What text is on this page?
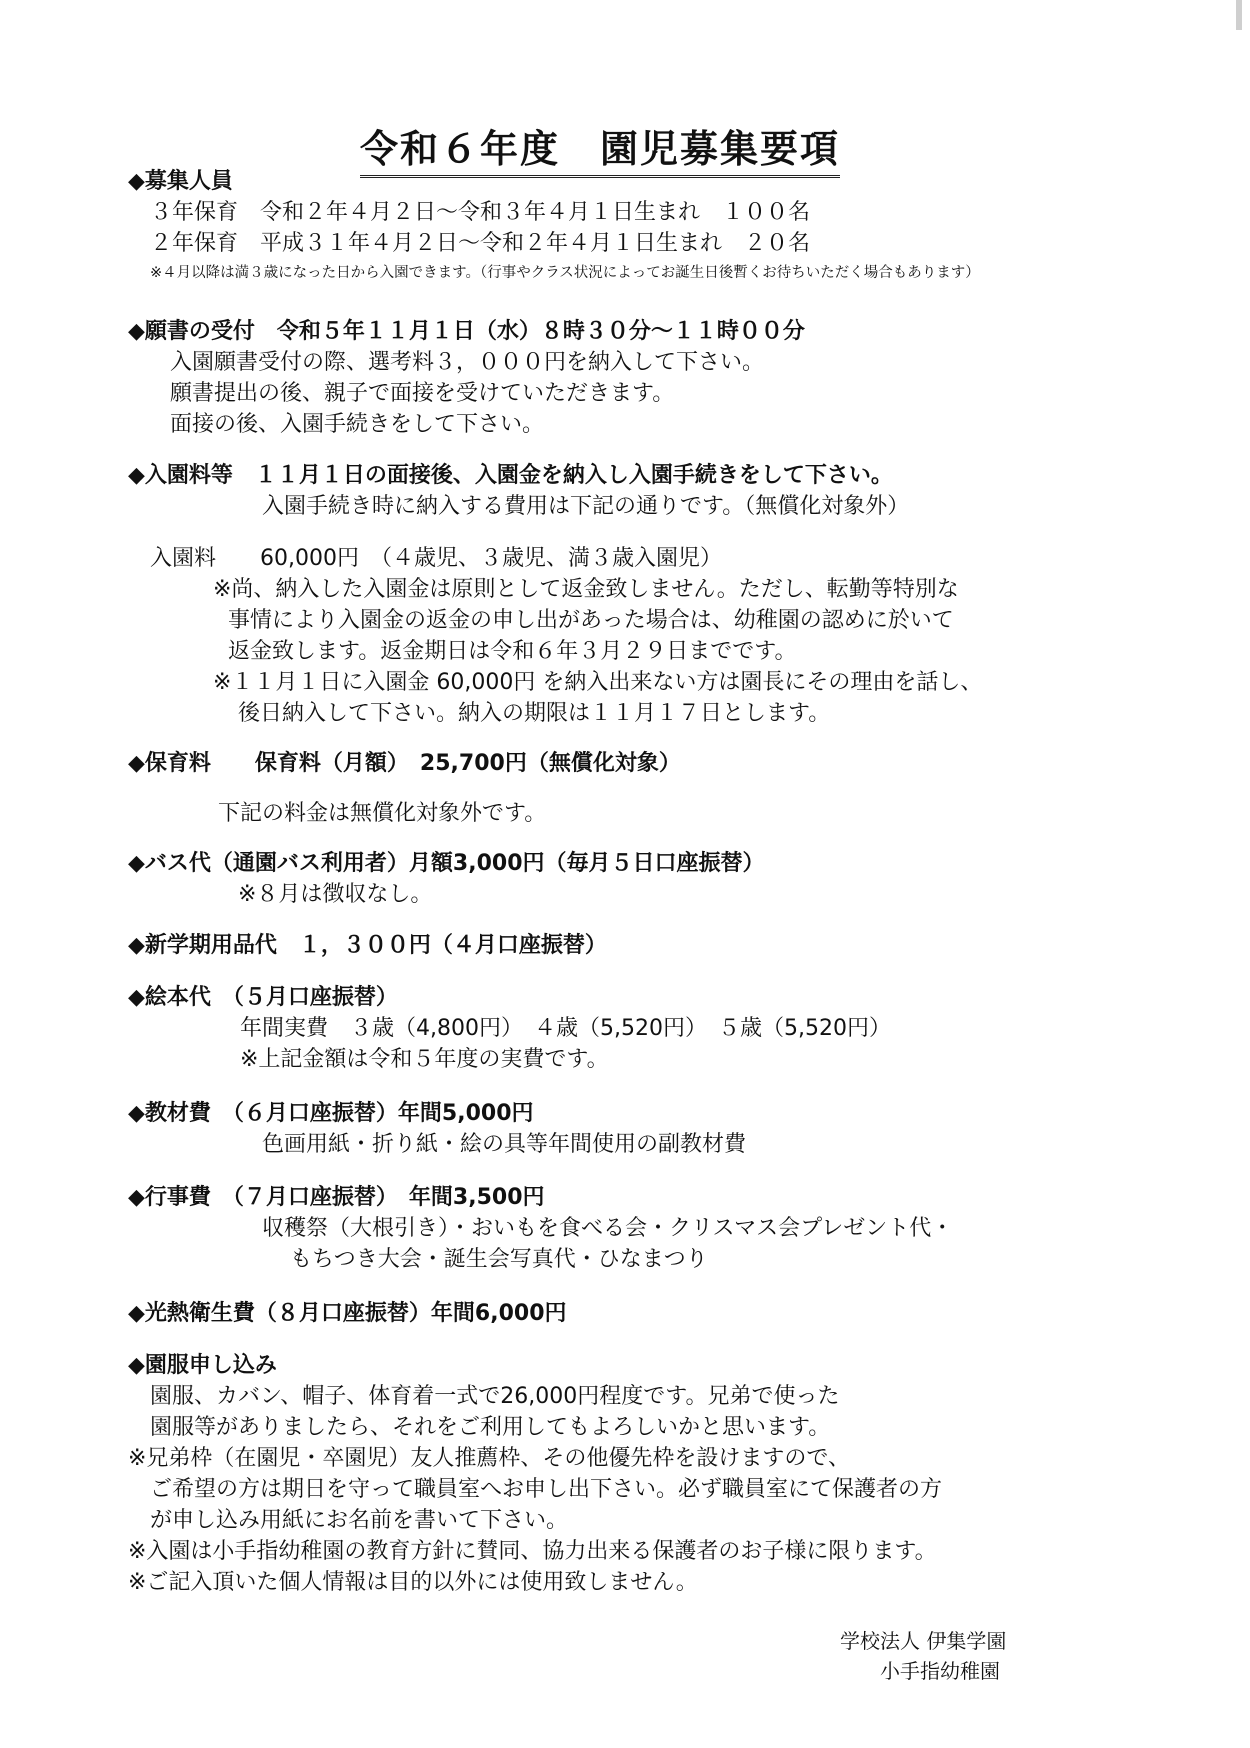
令和６年度　園児募集要項
◆募集人員
３年保育　令和２年４月２日～令和３年４月１日生まれ　１００名
２年保育　平成３１年４月２日～令和２年４月１日生まれ　２０名
※４月以降は満３歳になった日から入園できます。（行事やクラス状況によってお誕生日後暫くお待ちいただく場合もあります）
◆願書の受付　令和５年１１月１日（水）８時３０分～１１時００分
入園願書受付の際、選考料３，０００円を納入して下さい。
願書提出の後、親子で面接を受けていただきます。
面接の後、入園手続きをして下さい。
◆入園料等　１１月１日の面接後、入園金を納入し入園手続きをして下さい。
入園手続き時に納入する費用は下記の通りです。（無償化対象外）
入園料　　60,000円　（４歳児、３歳児、満３歳入園児）
※尚、納入した入園金は原則として返金致しません。ただし、転勤等特別な
事情により入園金の返金の申し出があった場合は、幼稚園の認めに於いて
返金致します。返金期日は令和６年３月２９日までです。
※１１月１日に入園金 60,000円 を納入出来ない方は園長にその理由を話し、
後日納入して下さい。納入の期限は１１月１７日とします。
◆保育料　　保育料（月額）　25,700円（無償化対象）
下記の料金は無償化対象外です。
◆バス代（通園バス利用者）月額3,000円（毎月５日口座振替）
※８月は徴収なし。
◆新学期用品代　１，３００円（４月口座振替）
◆絵本代　（５月口座振替）
年間実費　３歳（4,800円）　４歳（5,520円）　５歳（5,520円）
※上記金額は令和５年度の実費です。
◆教材費　（６月口座振替）年間5,000円
色画用紙・折り紙・絵の具等年間使用の副教材費
◆行事費　（７月口座振替）　年間3,500円
収穫祭（大根引き）・おいもを食べる会・クリスマス会プレゼント代・
もちつき大会・誕生会写真代・ひなまつり
◆光熱衛生費（８月口座振替）年間6,000円
◆園服申し込み
園服、カバン、帽子、体育着一式で26,000円程度です。兄弟で使った
園服等がありましたら、それをご利用してもよろしいかと思います。
※兄弟枠（在園児・卒園児）友人推薦枠、その他優先枠を設けますので、
ご希望の方は期日を守って職員室へお申し出下さい。必ず職員室にて保護者の方
が申し込み用紙にお名前を書いて下さい。
※入園は小手指幼稚園の教育方針に賛同、協力出来る保護者のお子様に限ります。
※ご記入頂いた個人情報は目的以外には使用致しません。
学校法人 伊集学園
小手指幼稚園
